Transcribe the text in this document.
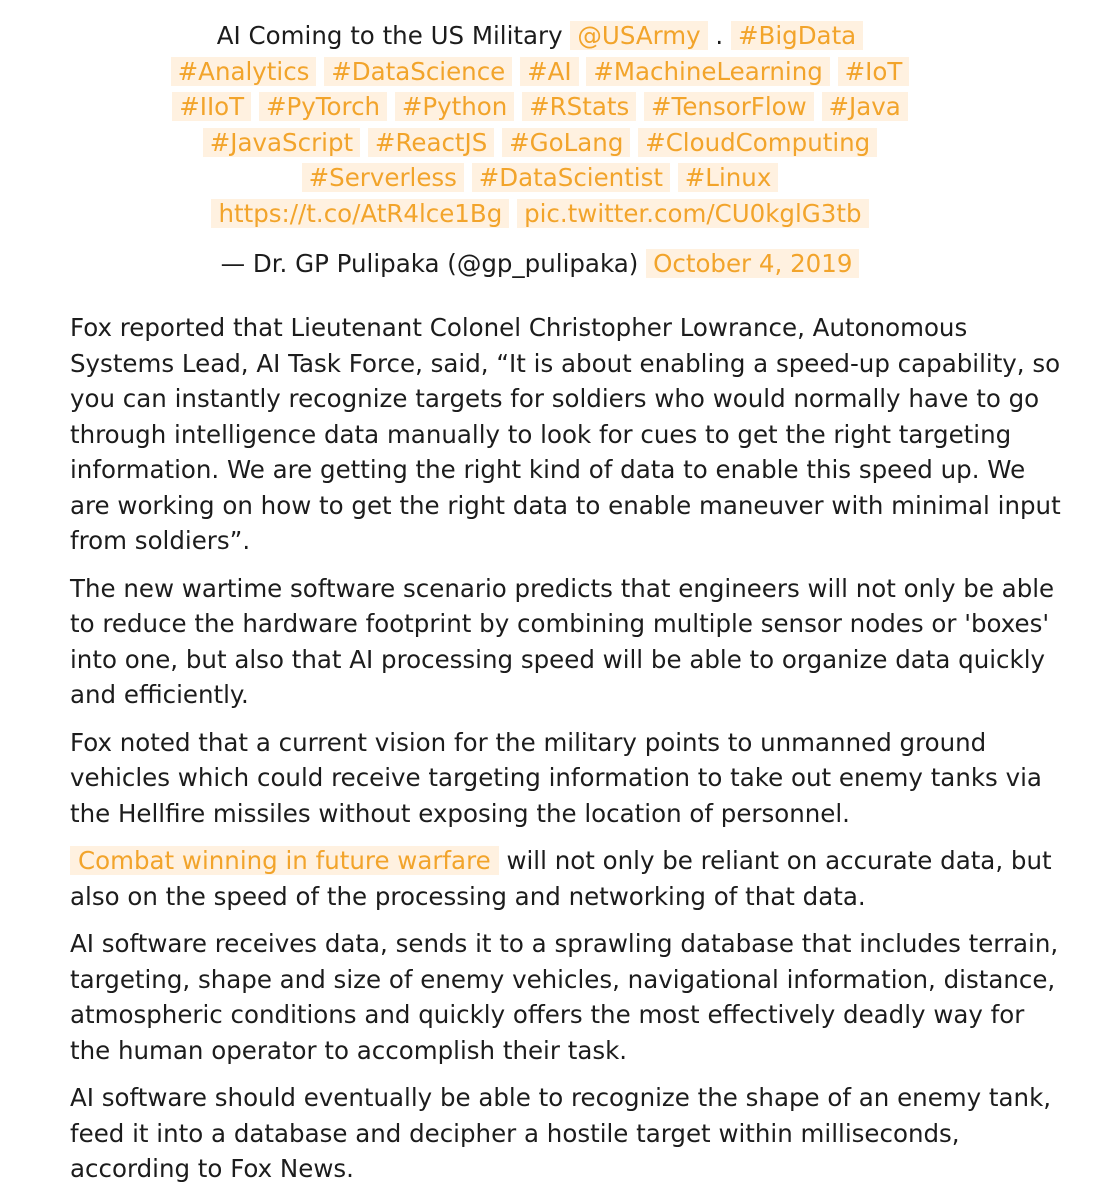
AI Coming to the US Military @USArmy . #BigData #Analytics #DataScience #AI #MachineLearning #IoT #IIoT #PyTorch #Python #RStats #TensorFlow #Java #JavaScript #ReactJS #GoLang #CloudComputing #Serverless #DataScientist #Linux https://t.co/AtR4lce1Bg pic.twitter.com/CU0kglG3tb

— Dr. GP Pulipaka (@gp_pulipaka) October 4, 2019

Fox reported that Lieutenant Colonel Christopher Lowrance, Autonomous Systems Lead, AI Task Force, said, “It is about enabling a speed-up capability, so you can instantly recognize targets for soldiers who would normally have to go through intelligence data manually to look for cues to get the right targeting information. We are getting the right kind of data to enable this speed up. We are working on how to get the right data to enable maneuver with minimal input from soldiers”.

The new wartime software scenario predicts that engineers will not only be able to reduce the hardware footprint by combining multiple sensor nodes or 'boxes' into one, but also that AI processing speed will be able to organize data quickly and efficiently.

Fox noted that a current vision for the military points to unmanned ground vehicles which could receive targeting information to take out enemy tanks via the Hellfire missiles without exposing the location of personnel.

Combat winning in future warfare will not only be reliant on accurate data, but also on the speed of the processing and networking of that data.

AI software receives data, sends it to a sprawling database that includes terrain, targeting, shape and size of enemy vehicles, navigational information, distance, atmospheric conditions and quickly offers the most effectively deadly way for the human operator to accomplish their task.

AI software should eventually be able to recognize the shape of an enemy tank, feed it into a database and decipher a hostile target within milliseconds, according to Fox News.
